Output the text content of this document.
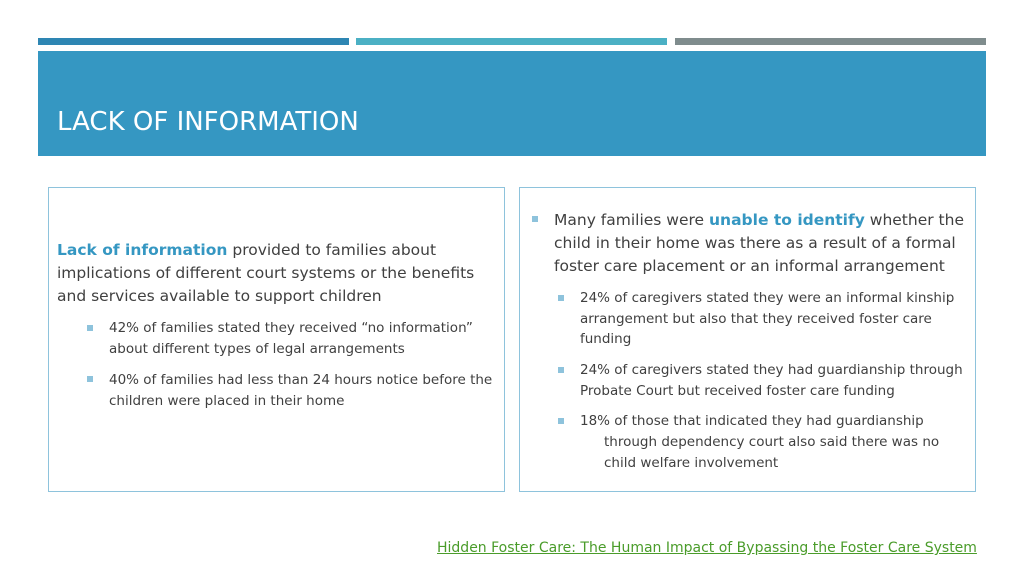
LACK OF INFORMATION

Lack of information provided to families about implications of different court systems or the benefits and services available to support children

42% of families stated they received “no information” about different types of legal arrangements

40% of families had less than 24 hours notice before the children were placed in their home

Many families were unable to identify whether the child in their home was there as a result of a formal foster care placement or an informal arrangement

24% of caregivers stated they were an informal kinship arrangement but also that they received foster care funding

24% of caregivers stated they had guardianship through Probate Court but received foster care funding

18% of those that indicated they had guardianship

through dependency court also said there was no child welfare involvement

Hidden Foster Care: The Human Impact of Bypassing the Foster Care System
